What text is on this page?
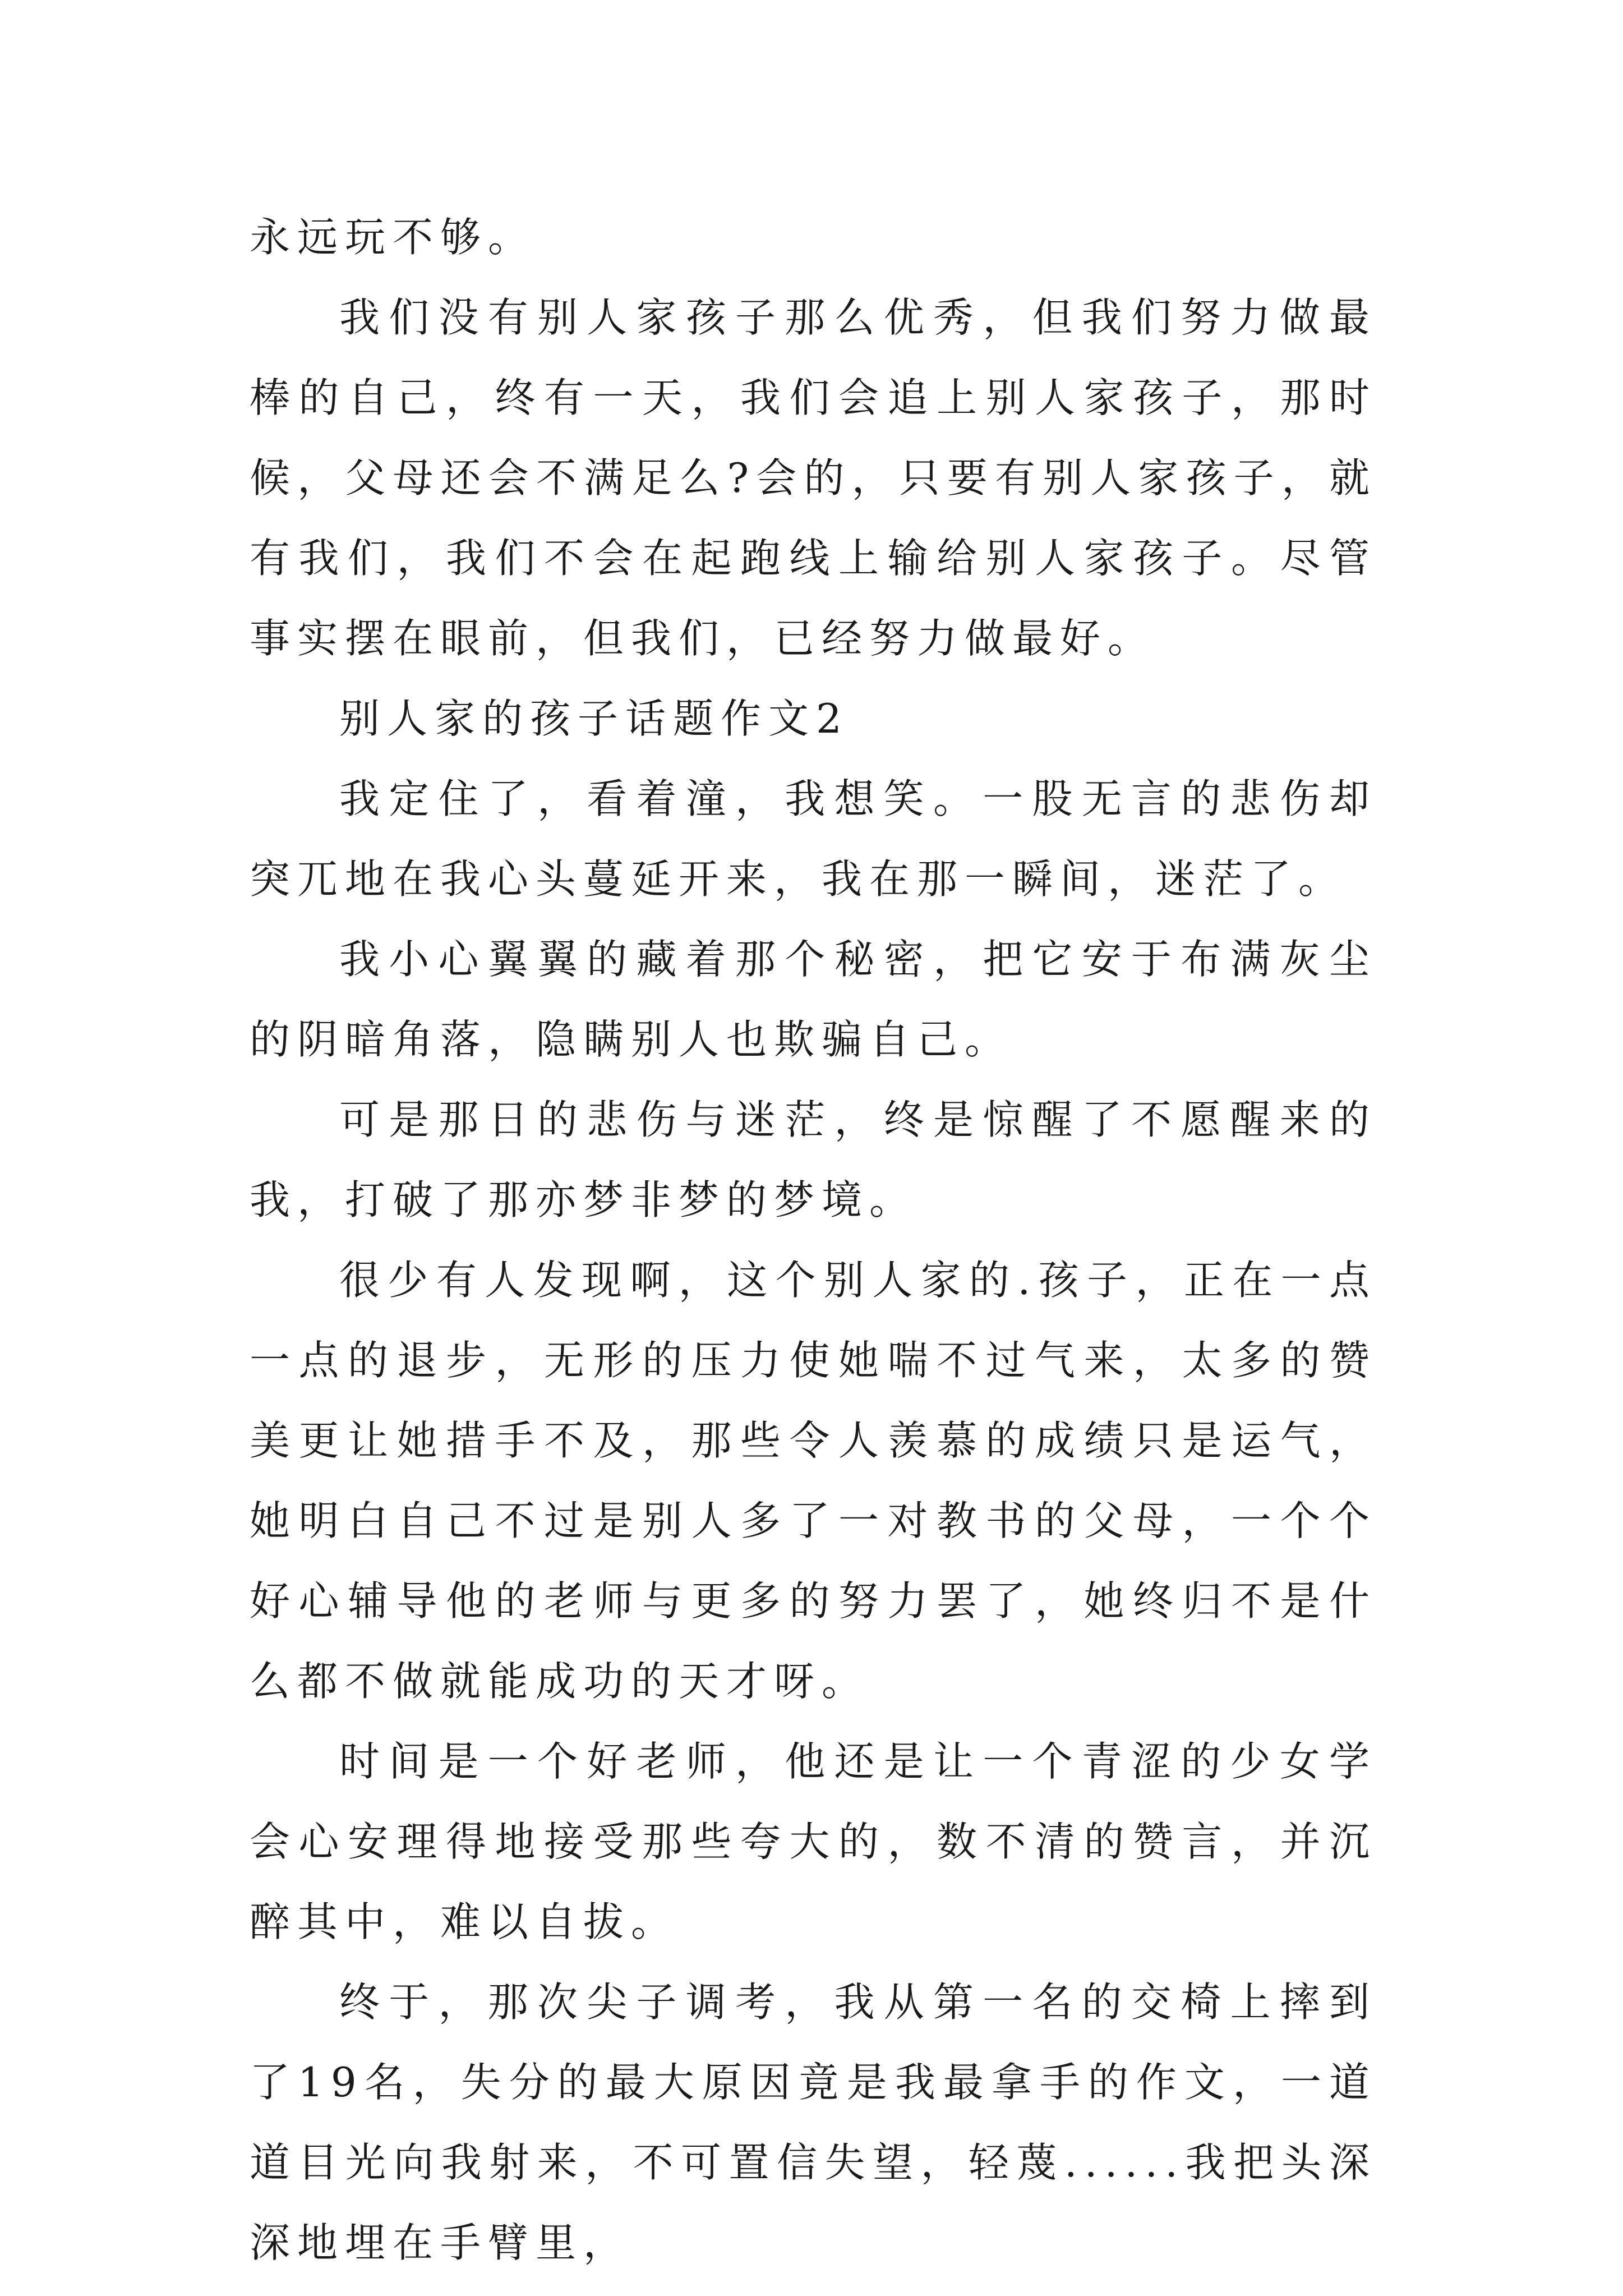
永远玩不够。

我们没有别人家孩子那么优秀，但我们努力做最棒的自己，终有一天，我们会追上别人家孩子，那时候，父母还会不满足么?会的，只要有别人家孩子，就有我们，我们不会在起跑线上输给别人家孩子。尽管事实摆在眼前，但我们，已经努力做最好。

别人家的孩子话题作文2

我定住了，看着潼，我想笑。一股无言的悲伤却突兀地在我心头蔓延开来，我在那一瞬间，迷茫了。

我小心翼翼的藏着那个秘密，把它安于布满灰尘的阴暗角落，隐瞒别人也欺骗自己。

可是那日的悲伤与迷茫，终是惊醒了不愿醒来的我，打破了那亦梦非梦的梦境。

很少有人发现啊，这个别人家的.孩子，正在一点一点的退步，无形的压力使她喘不过气来，太多的赞美更让她措手不及，那些令人羡慕的成绩只是运气，她明白自己不过是别人多了一对教书的父母，一个个好心辅导他的老师与更多的努力罢了，她终归不是什么都不做就能成功的天才呀。

时间是一个好老师，他还是让一个青涩的少女学会心安理得地接受那些夸大的，数不清的赞言，并沉醉其中，难以自拔。

终于，那次尖子调考，我从第一名的交椅上摔到了19名，失分的最大原因竟是我最拿手的作文，一道道目光向我射来，不可置信失望，轻蔑......我把头深深地埋在手臂里，
